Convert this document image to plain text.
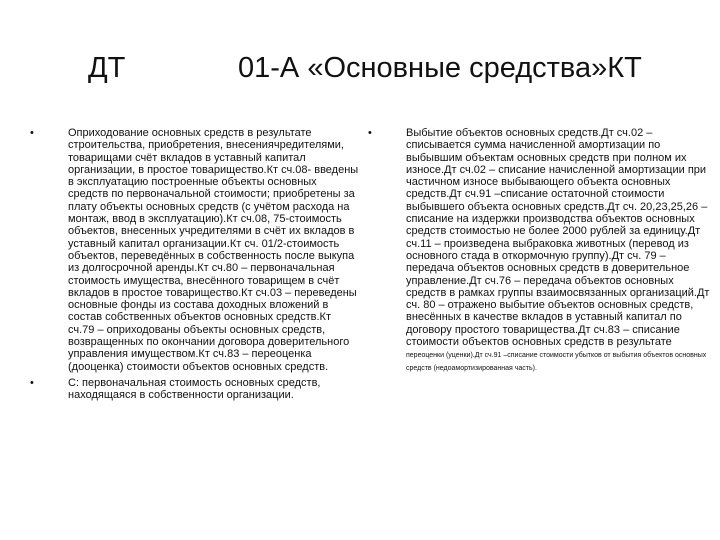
ДТ	01-А «Основные средства»КТ
•	Оприходование основных средств в результате строительства, приобретения, внесениячредителями, товарищами счёт вкладов в уставный капитал организации, в простое товарищество.Кт сч.08- введены в эксплуатацию построенные объекты основных средств по первоначальной стоимости; приобретены за плату объекты основных средств (с учётом расхода на монтаж, ввод в эксплуатацию).Кт сч.08, 75-стоимость объектов, внесенных учредителями в счёт их вкладов в уставный капитал организации.Кт сч. 01/2-стоимость объектов, переведённых в собственность после выкупа из долгосрочной аренды.Кт сч.80 – первоначальная стоимость имущества, внесённого товарищем в счёт вкладов в простое товарищество.Кт сч.03 – переведены основные фонды из состава доходных вложений в состав собственных объектов основных средств.Кт сч.79 – оприходованы объекты основных средств, возвращенных по окончании договора доверительного управления имуществом.Кт сч.83 – переоценка (дооценка) стоимости объектов основных средств.
•	С: первоначальная стоимость основных средств, находящаяся в собственности организации.
•	Выбытие объектов основных средств.Дт сч.02 – списывается сумма начисленной амортизации по выбывшим объектам основных средств при полном их износе.Дт сч.02 – списание начисленной амортизации при частичном износе выбывающего объекта основных средств.Дт сч.91 –списание остаточной стоимости выбывшего объекта основных средств.Дт сч. 20,23,25,26 –списание на издержки производства объектов основных средств стоимостью не более 2000 рублей за единицу.Дт сч.11 – произведена выбраковка животных (перевод из основного стада в откормочную группу).Дт сч. 79 – передача объектов основных средств в доверительное управление.Дт сч.76 – передача объектов основных средств в рамках группы взаимосвязанных организаций.Дт сч. 80 – отражено выбытие объектов основных средств, внесённых в качестве вкладов в уставный капитал по договору простого товарищества.Дт сч.83 – списание стоимости объектов основных средств в результате переоценки (уценки).Дт сч.91 –списание стоимости убытков от выбытия объектов основных средств (недоамортизированная часть).
